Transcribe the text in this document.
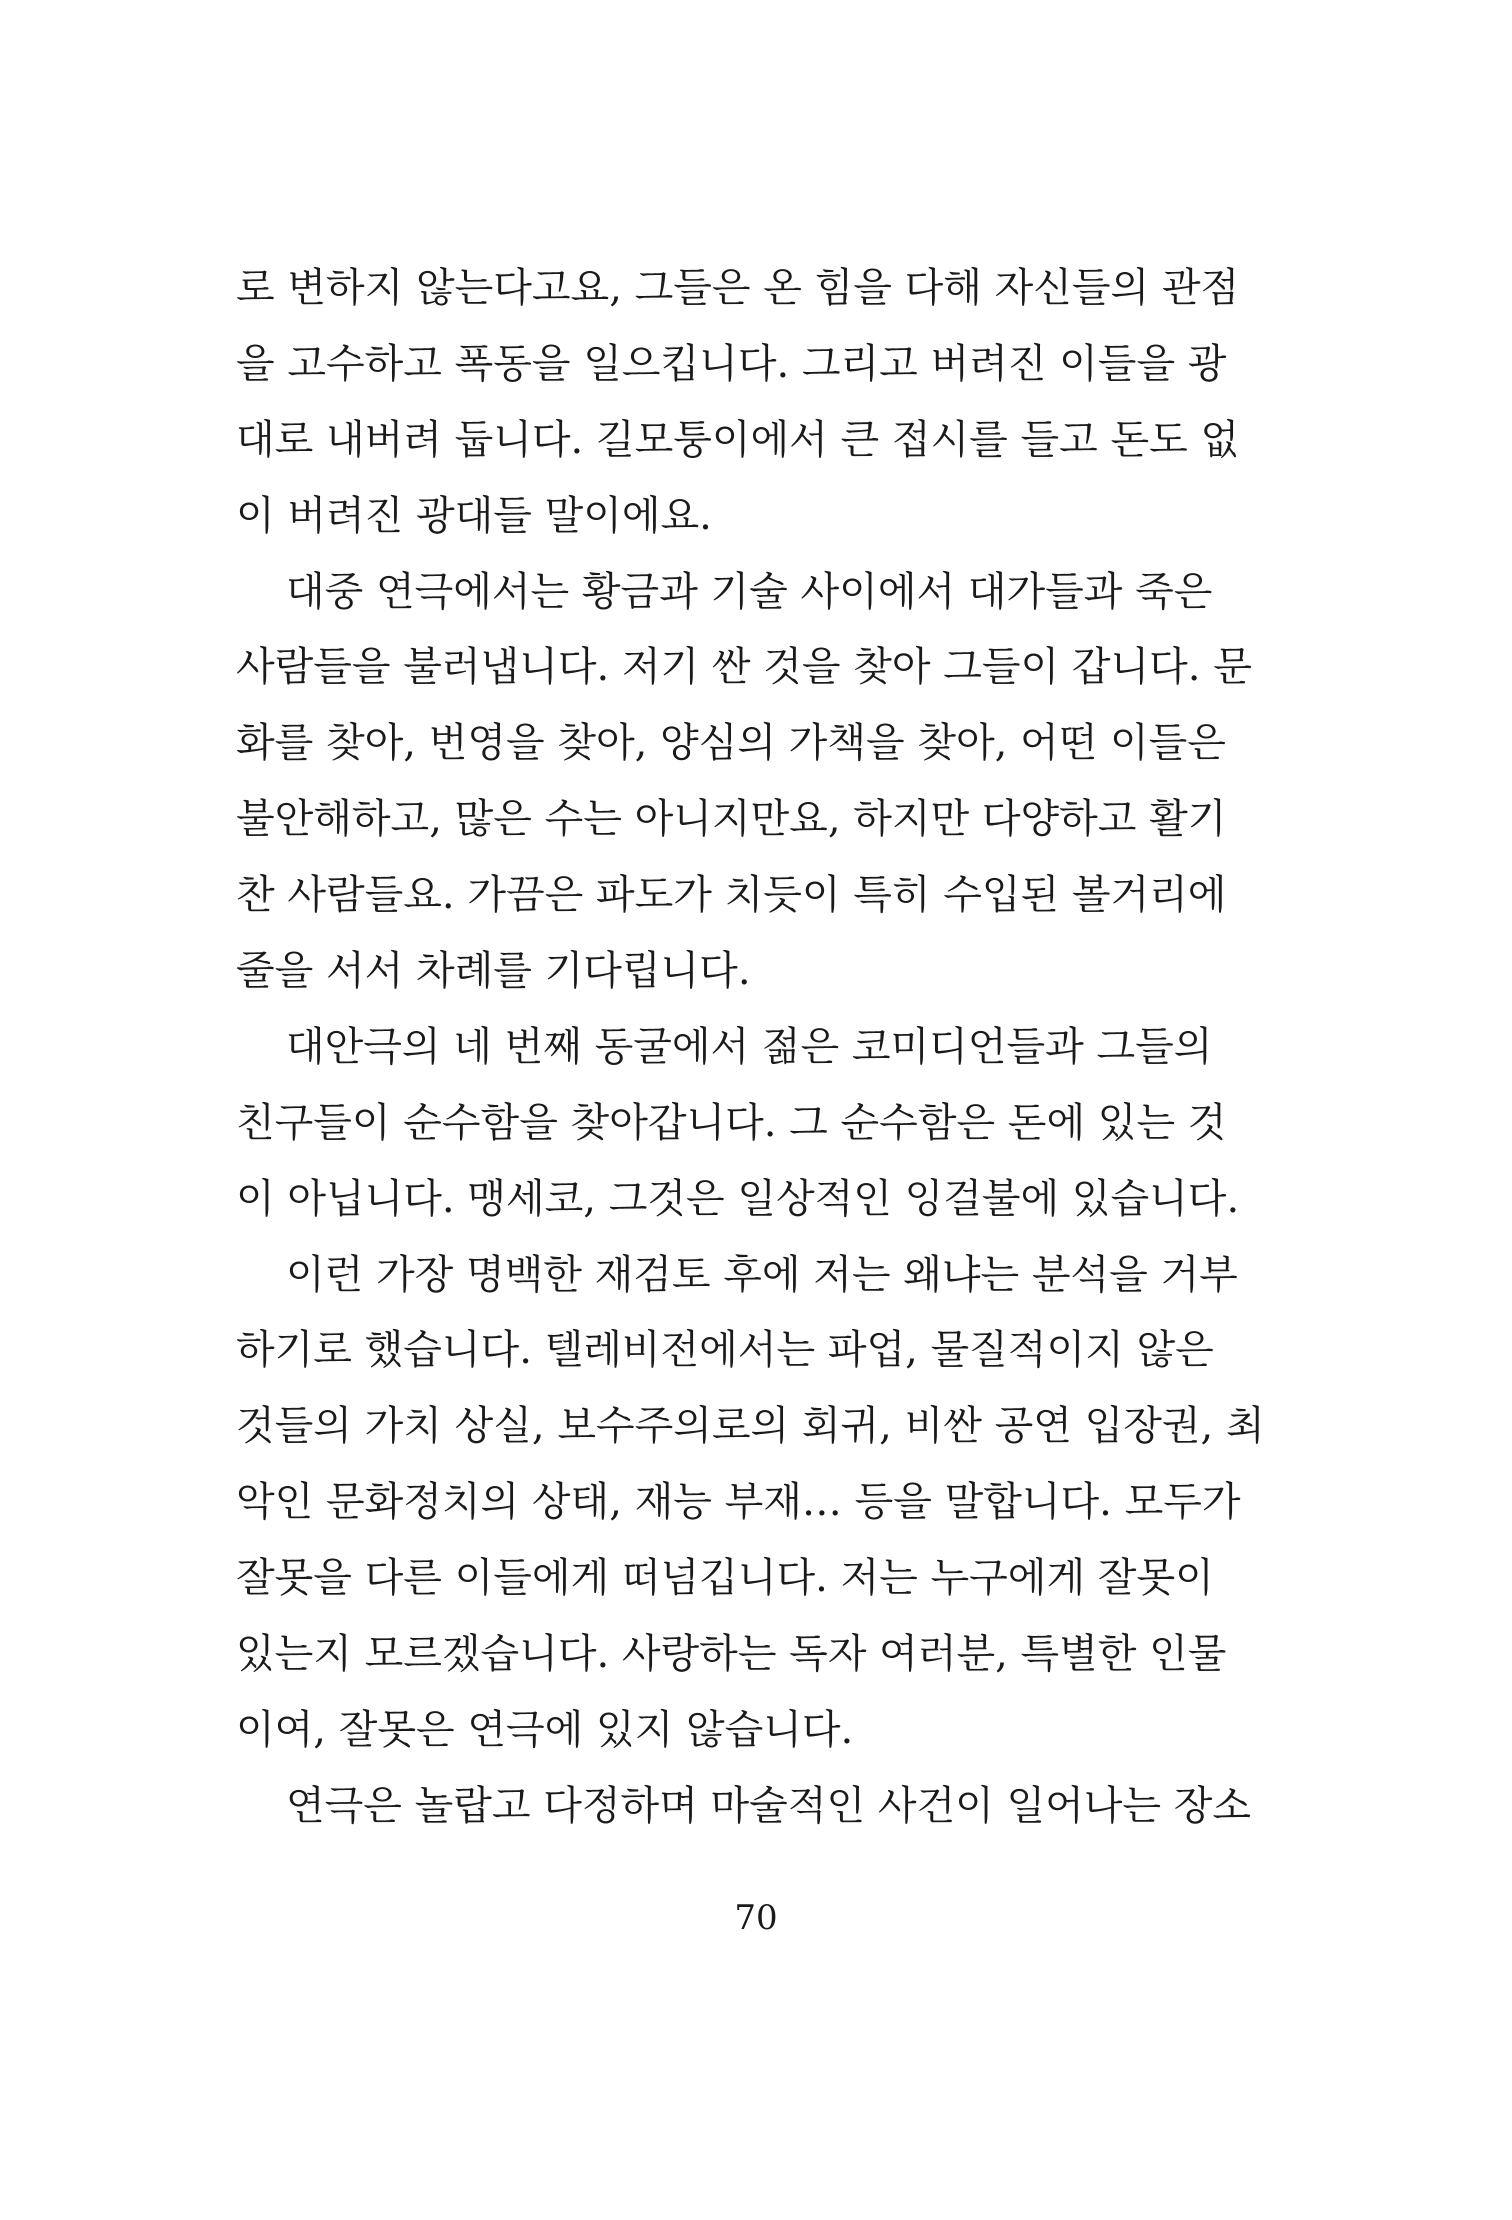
로 변하지 않는다고요, 그들은 온 힘을 다해 자신들의 관점
을 고수하고 폭동을 일으킵니다. 그리고 버려진 이들을 광
대로 내버려 둡니다. 길모퉁이에서 큰 접시를 들고 돈도 없
이 버려진 광대들 말이에요.
대중 연극에서는 황금과 기술 사이에서 대가들과 죽은
사람들을 불러냅니다. 저기 싼 것을 찾아 그들이 갑니다. 문
화를 찾아, 번영을 찾아, 양심의 가책을 찾아, 어떤 이들은
불안해하고, 많은 수는 아니지만요, 하지만 다양하고 활기
찬 사람들요. 가끔은 파도가 치듯이 특히 수입된 볼거리에
줄을 서서 차례를 기다립니다.
대안극의 네 번째 동굴에서 젊은 코미디언들과 그들의
친구들이 순수함을 찾아갑니다. 그 순수함은 돈에 있는 것
이 아닙니다. 맹세코, 그것은 일상적인 잉걸불에 있습니다.
이런 가장 명백한 재검토 후에 저는 왜냐는 분석을 거부
하기로 했습니다. 텔레비전에서는 파업, 물질적이지 않은
것들의 가치 상실, 보수주의로의 회귀, 비싼 공연 입장권, 최
악인 문화정치의 상태, 재능 부재… 등을 말합니다. 모두가
잘못을 다른 이들에게 떠넘깁니다. 저는 누구에게 잘못이
있는지 모르겠습니다. 사랑하는 독자 여러분, 특별한 인물
이여, 잘못은 연극에 있지 않습니다.
연극은 놀랍고 다정하며 마술적인 사건이 일어나는 장소
70
